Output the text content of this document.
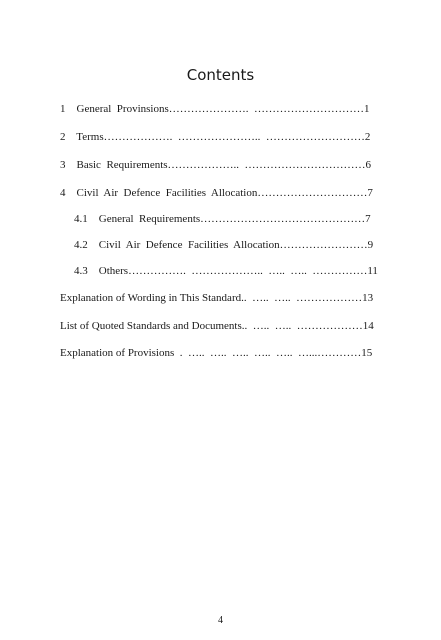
Contents
1    General  Provinsions………………….  …………………………1
2    Terms……………….  …………………..  ………………………2
3    Basic  Requirements………………..  ……………………………6
4    Civil  Air  Defence  Facilities  Allocation…………………………7
4.1    General  Requirements………………………………………7
4.2    Civil  Air  Defence  Facilities  Allocation……………………9
4.3    Others…………….  ………………..  …..  …..  ……………11
Explanation of Wording in This Standard..  …..  …..  ………………13
List of Quoted Standards and Documents..  …..  …..  ………………14
Explanation of Provisions  .  …..  …..  …..  …..  …..  …...…………15
4
